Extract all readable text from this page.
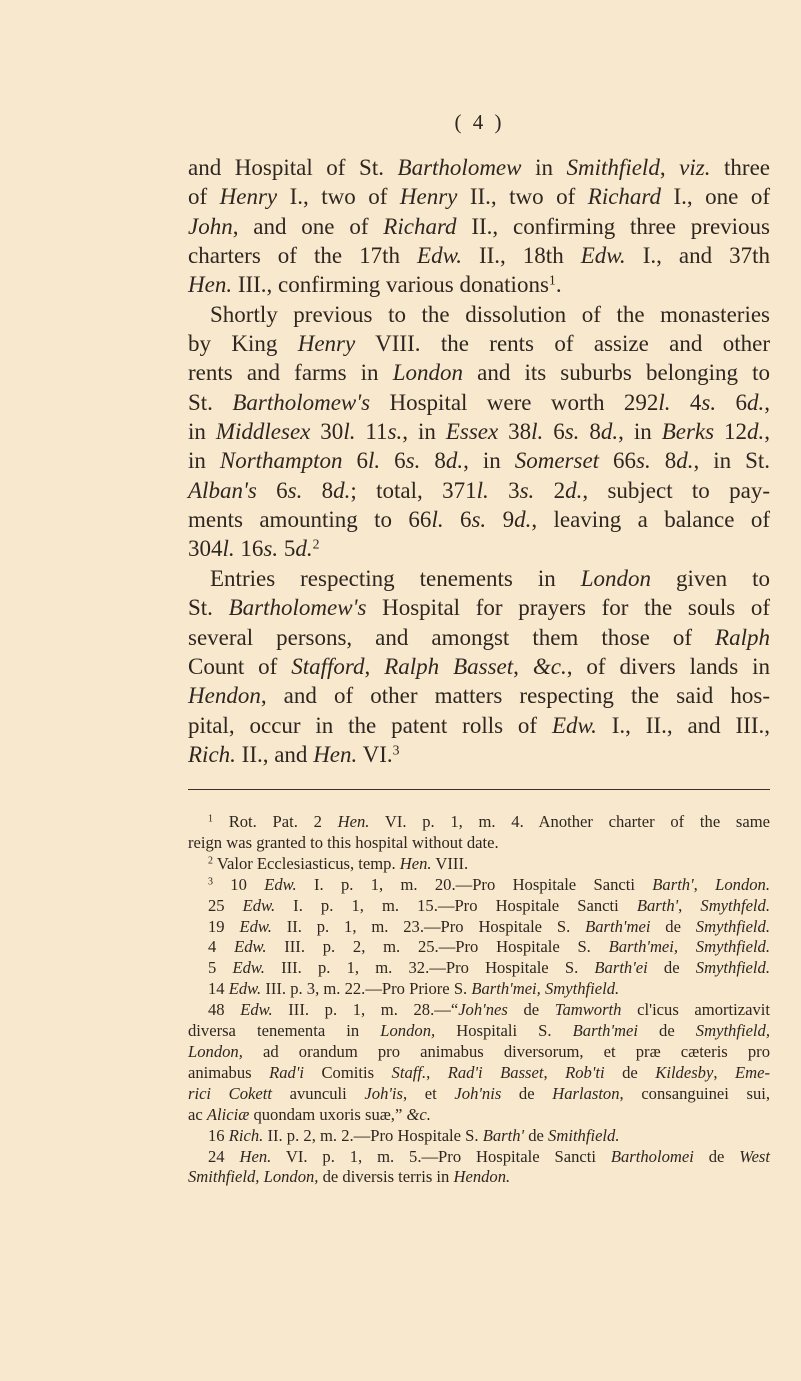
( 4 )
and Hospital of St. Bartholomew in Smithfield, viz. three
of Henry I., two of Henry II., two of Richard I., one of
John, and one of Richard II., confirming three previous
charters of the 17th Edw. II., 18th Edw. I., and 37th
Hen. III., confirming various donations$^1$.
Shortly previous to the dissolution of the monasteries
by King Henry VIII. the rents of assize and other
rents and farms in London and its suburbs belonging to
St. Bartholomew's Hospital were worth 292l. 4s. 6d.,
in Middlesex 30l. 11s., in Essex 38l. 6s. 8d., in Berks 12d.,
in Northampton 6l. 6s. 8d., in Somerset 66s. 8d., in St.
Alban's 6s. 8d.; total, 371l. 3s. 2d., subject to pay-
ments amounting to 66l. 6s. 9d., leaving a balance of
304l. 16s. 5d.$^2$
Entries respecting tenements in London given to
St. Bartholomew's Hospital for prayers for the souls of
several persons, and amongst them those of Ralph
Count of Stafford, Ralph Basset, &c., of divers lands in
Hendon, and of other matters respecting the said hos-
pital, occur in the patent rolls of Edw. I., II., and III.,
Rich. II., and Hen. VI.$^3$
$^1$ Rot. Pat. 2 Hen. VI. p. 1, m. 4. Another charter of the same
reign was granted to this hospital without date.
$^2$ Valor Ecclesiasticus, temp. Hen. VIII.
$^3$ 10 Edw. I. p. 1, m. 20.—Pro Hospitale Sancti Barth', London.
25 Edw. I. p. 1, m. 15.—Pro Hospitale Sancti Barth', Smythfeld.
19 Edw. II. p. 1, m. 23.—Pro Hospitale S. Barth'mei de Smythfield.
4 Edw. III. p. 2, m. 25.—Pro Hospitale S. Barth'mei, Smythfield.
5 Edw. III. p. 1, m. 32.—Pro Hospitale S. Barth'ei de Smythfield.
14 Edw. III. p. 3, m. 22.—Pro Priore S. Barth'mei, Smythfield.
48 Edw. III. p. 1, m. 28.—“Joh'nes de Tamworth cl'icus amortizavit
diversa tenementa in London, Hospitali S. Barth'mei de Smythfield,
London, ad orandum pro animabus diversorum, et præ cæteris pro
animabus Rad'i Comitis Staff., Rad'i Basset, Rob'ti de Kildesby, Eme-
rici Cokett avunculi Joh'is, et Joh'nis de Harlaston, consanguinei sui,
ac Aliciæ quondam uxoris suæ,” &c.
16 Rich. II. p. 2, m. 2.—Pro Hospitale S. Barth' de Smithfield.
24 Hen. VI. p. 1, m. 5.—Pro Hospitale Sancti Bartholomei de West
Smithfield, London, de diversis terris in Hendon.
